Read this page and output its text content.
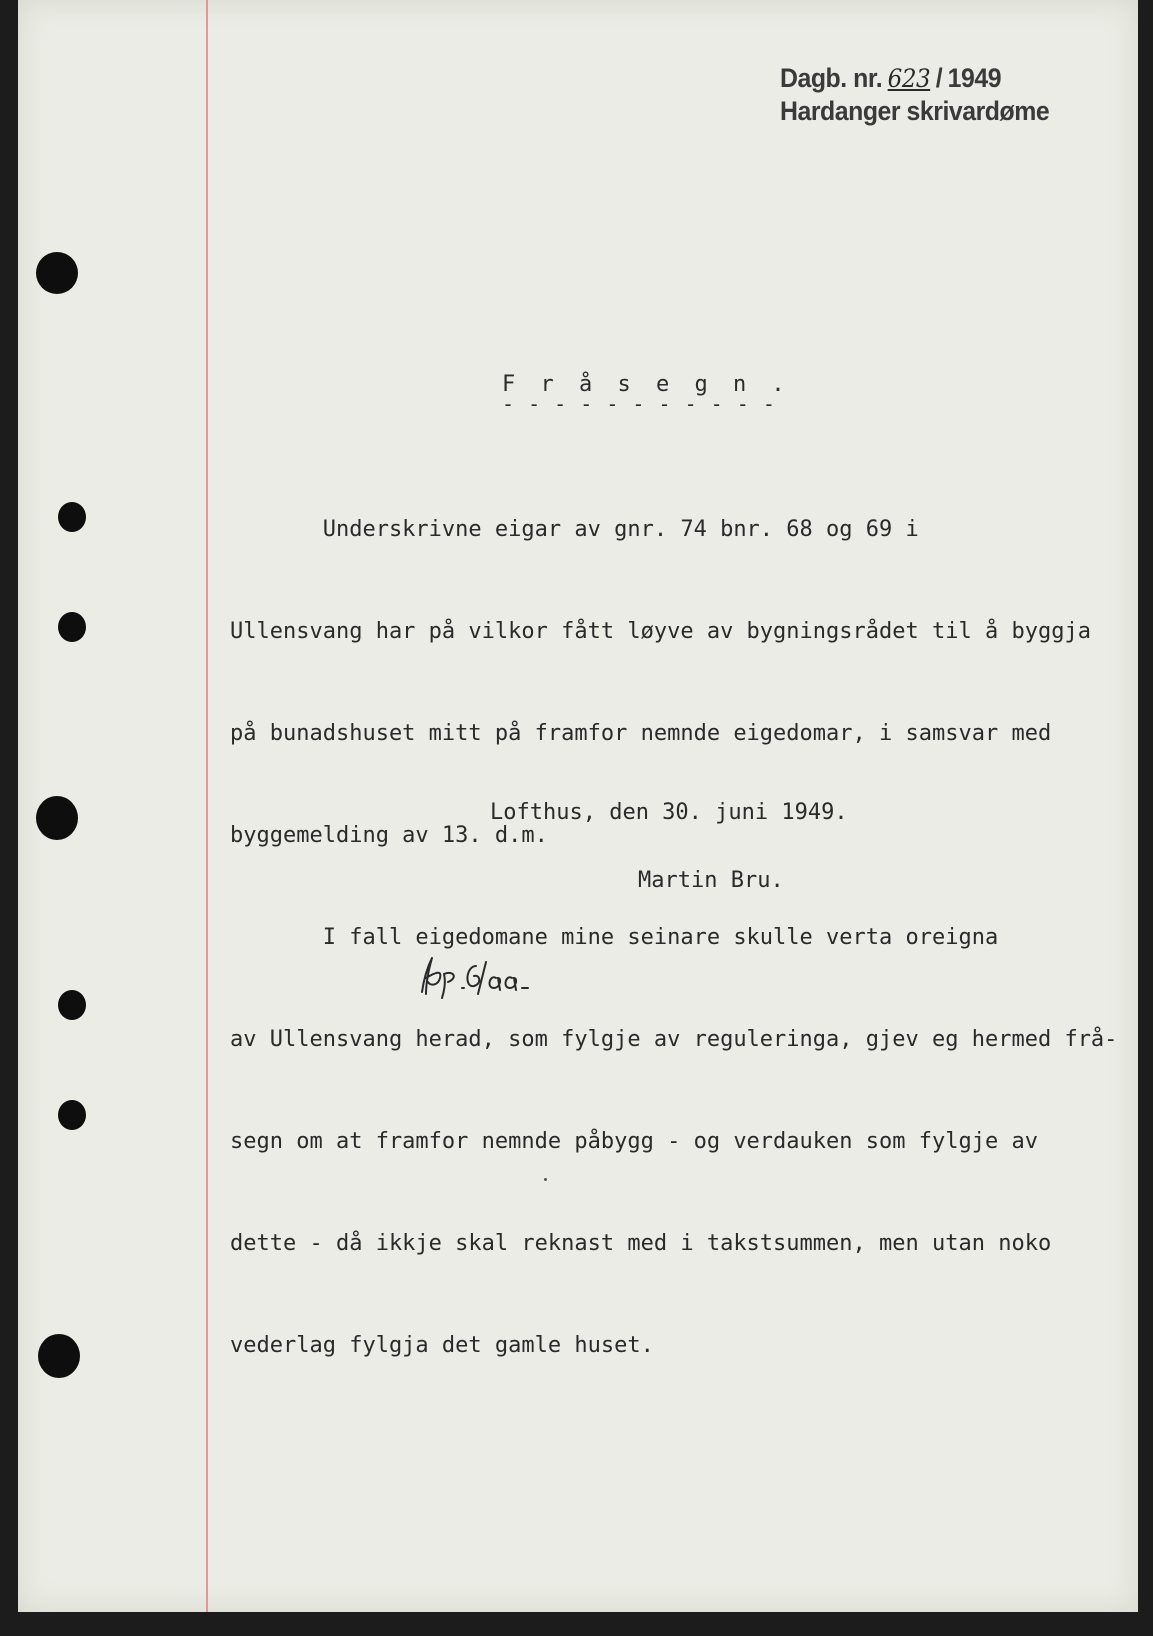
Dagb. nr. 623 / 1949
Hardanger skrivardøme
F r å s e g n .
- - - - - - - - - - -

Underskrivne eigar av gnr. 74 bnr. 68 og 69 i

Ullensvang har på vilkor fått løyve av bygningsrådet til å byggja

på bunadshuset mitt på framfor nemnde eigedomar, i samsvar med

byggemelding av 13. d.m.

I fall eigedomane mine seinare skulle verta oreigna

av Ullensvang herad, som fylgje av reguleringa, gjev eg hermed frå-

segn om at framfor nemnde påbygg - og verdauken som fylgje av

dette - då ikkje skal reknast med i takstsummen, men utan noko

vederlag fylgja det gamle huset.

Lofthus, den 30. juni 1949.
Martin Bru.
